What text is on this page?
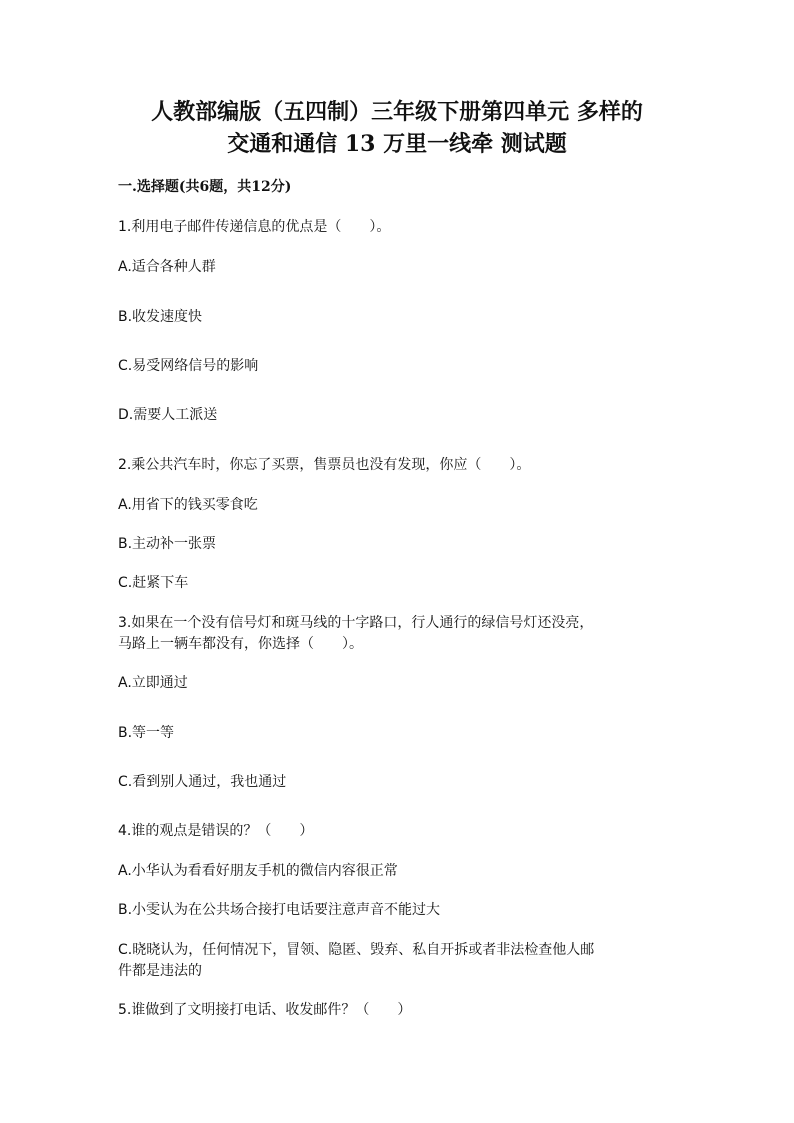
人教部编版（五四制）三年级下册第四单元 多样的
交通和通信 13 万里一线牵 测试题
一.选择题(共6题，共12分)
1.利用电子邮件传递信息的优点是（　　）。
A.适合各种人群
B.收发速度快
C.易受网络信号的影响
D.需要人工派送
2.乘公共汽车时，你忘了买票，售票员也没有发现，你应（　　）。
A.用省下的钱买零食吃
B.主动补一张票
C.赶紧下车
3.如果在一个没有信号灯和斑马线的十字路口，行人通行的绿信号灯还没亮，
马路上一辆车都没有，你选择（　　）。
A.立即通过
B.等一等
C.看到别人通过，我也通过
4.谁的观点是错误的？（　　）
A.小华认为看看好朋友手机的微信内容很正常
B.小雯认为在公共场合接打电话要注意声音不能过大
C.晓晓认为，任何情况下，冒领、隐匿、毁弃、私自开拆或者非法检查他人邮
件都是违法的
5.谁做到了文明接打电话、收发邮件？（　　）
